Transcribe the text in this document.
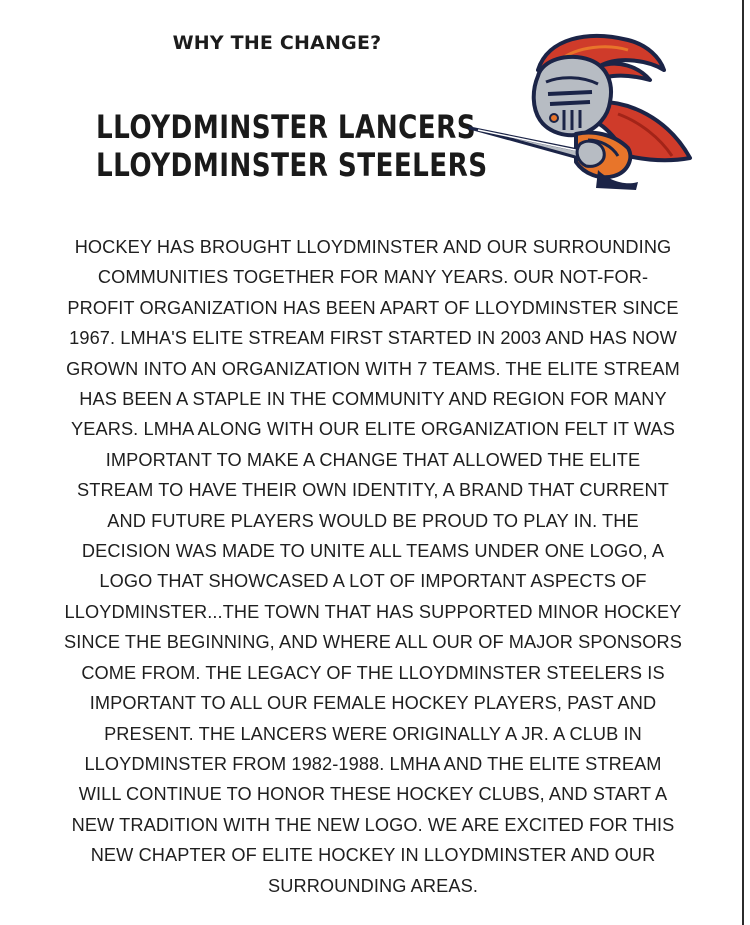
WHY THE CHANGE?
LLOYDMINSTER LANCERS
LLOYDMINSTER STEELERS
HOCKEY HAS BROUGHT LLOYDMINSTER AND OUR SURROUNDING
COMMUNITIES TOGETHER FOR MANY YEARS. OUR NOT-FOR-
PROFIT ORGANIZATION HAS BEEN APART OF LLOYDMINSTER SINCE
1967. LMHA'S ELITE STREAM FIRST STARTED IN 2003 AND HAS NOW
GROWN INTO AN ORGANIZATION WITH 7 TEAMS. THE ELITE STREAM
HAS BEEN A STAPLE IN THE COMMUNITY AND REGION FOR MANY
YEARS. LMHA ALONG WITH OUR ELITE ORGANIZATION FELT IT WAS
IMPORTANT TO MAKE A CHANGE THAT ALLOWED THE ELITE
STREAM TO HAVE THEIR OWN IDENTITY, A BRAND THAT CURRENT
AND FUTURE PLAYERS WOULD BE PROUD TO PLAY IN. THE
DECISION WAS MADE TO UNITE ALL TEAMS UNDER ONE LOGO, A
LOGO THAT SHOWCASED A LOT OF IMPORTANT ASPECTS OF
LLOYDMINSTER...THE TOWN THAT HAS SUPPORTED MINOR HOCKEY
SINCE THE BEGINNING, AND WHERE ALL OUR OF MAJOR SPONSORS
COME FROM. THE LEGACY OF THE LLOYDMINSTER STEELERS IS
IMPORTANT TO ALL OUR FEMALE HOCKEY PLAYERS, PAST AND
PRESENT. THE LANCERS WERE ORIGINALLY A JR. A CLUB IN
LLOYDMINSTER FROM 1982-1988. LMHA AND THE ELITE STREAM
WILL CONTINUE TO HONOR THESE HOCKEY CLUBS, AND START A
NEW TRADITION WITH THE NEW LOGO. WE ARE EXCITED FOR THIS
NEW CHAPTER OF ELITE HOCKEY IN LLOYDMINSTER AND OUR
SURROUNDING AREAS.
